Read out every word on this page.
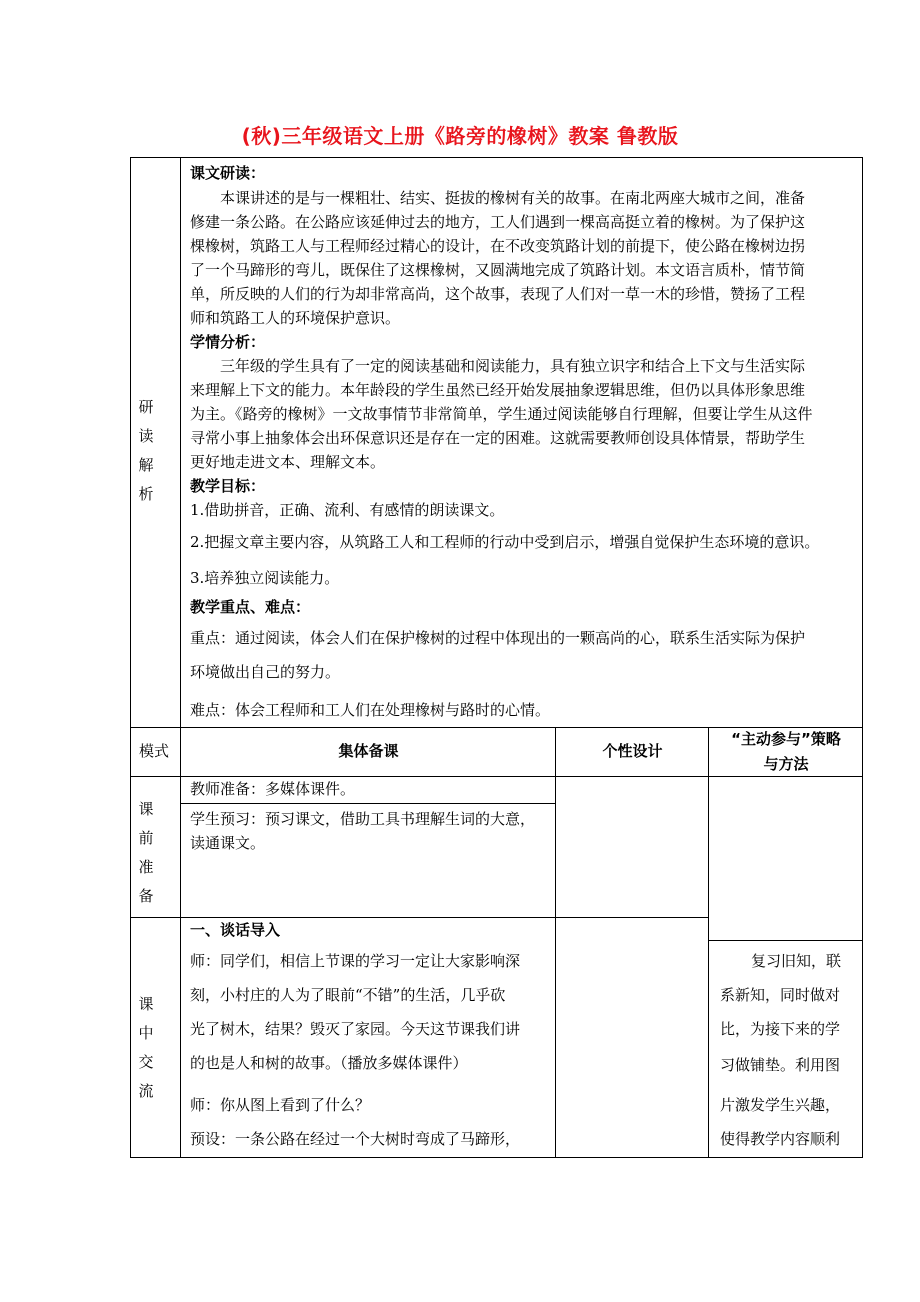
(秋)三年级语文上册《路旁的橡树》教案 鲁教版
研读解析
课文研读：
本课讲述的是与一棵粗壮、结实、挺拔的橡树有关的故事。在南北两座大城市之间，准备
修建一条公路。在公路应该延伸过去的地方，工人们遇到一棵高高挺立着的橡树。为了保护这
棵橡树，筑路工人与工程师经过精心的设计，在不改变筑路计划的前提下，使公路在橡树边拐
了一个马蹄形的弯儿，既保住了这棵橡树，又圆满地完成了筑路计划。本文语言质朴，情节简
单，所反映的人们的行为却非常高尚，这个故事，表现了人们对一草一木的珍惜，赞扬了工程
师和筑路工人的环境保护意识。
学情分析：
三年级的学生具有了一定的阅读基础和阅读能力，具有独立识字和结合上下文与生活实际
来理解上下文的能力。本年龄段的学生虽然已经开始发展抽象逻辑思维，但仍以具体形象思维
为主。《路旁的橡树》一文故事情节非常简单，学生通过阅读能够自行理解，但要让学生从这件
寻常小事上抽象体会出环保意识还是存在一定的困难。这就需要教师创设具体情景，帮助学生
更好地走进文本、理解文本。
教学目标：
1.借助拼音，正确、流利、有感情的朗读课文。
2.把握文章主要内容，从筑路工人和工程师的行动中受到启示，增强自觉保护生态环境的意识。
3.培养独立阅读能力。
教学重点、难点：
重点：通过阅读，体会人们在保护橡树的过程中体现出的一颗高尚的心，联系生活实际为保护
环境做出自己的努力。
难点：体会工程师和工人们在处理橡树与路时的心情。
模式	集体备课	个性设计
“主动参与”策略
与方法
课前准备
教师准备：多媒体课件。
学生预习：预习课文，借助工具书理解生词的大意，
读通课文。
课中交流
一、谈话导入
师：同学们，相信上节课的学习一定让大家影响深
刻，小村庄的人为了眼前“不错”的生活，几乎砍
光了树木，结果？毁灭了家园。今天这节课我们讲
的也是人和树的故事。（播放多媒体课件）
师：你从图上看到了什么？
预设：一条公路在经过一个大树时弯成了马蹄形，
复习旧知，联
系新知，同时做对
比，为接下来的学
习做铺垫。利用图
片激发学生兴趣，
使得教学内容顺利
